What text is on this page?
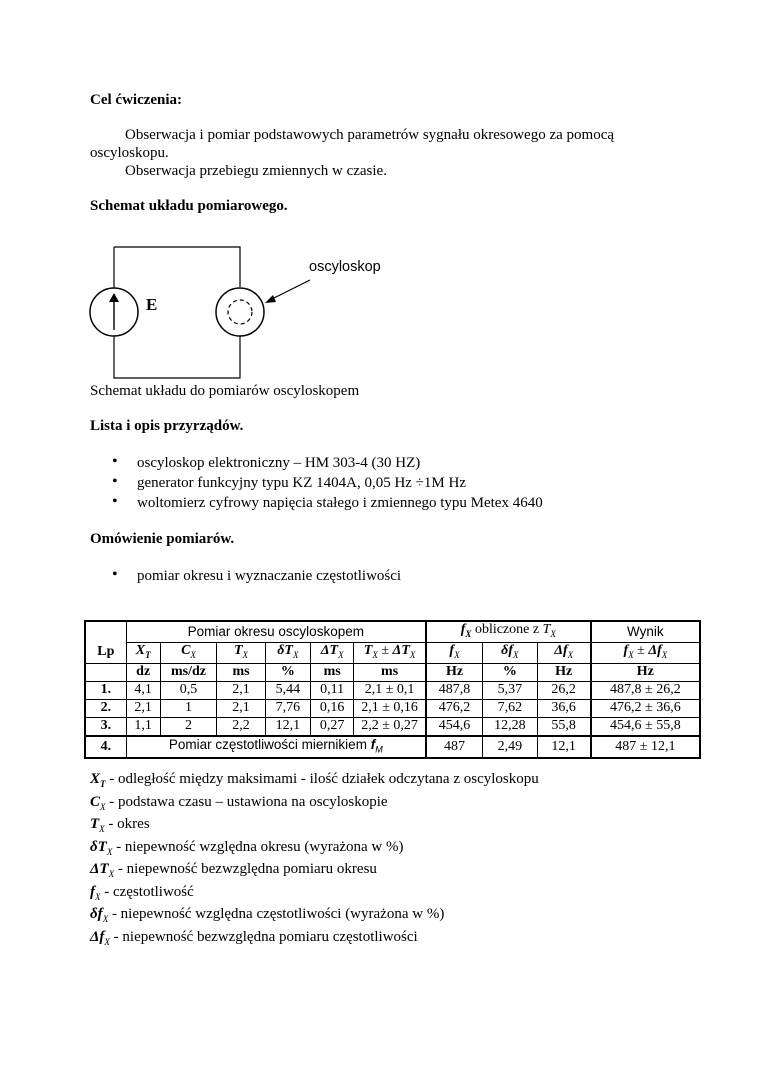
Cel ćwiczenia:
Obserwacja i pomiar podstawowych parametrów sygnału okresowego za pomocą
oscyloskopu.
Obserwacja przebiegu zmiennych w czasie.
Schemat układu pomiarowego.
E
oscyloskop
Schemat układu do pomiarów oscyloskopem
Lista i opis przyrządów.
• oscyloskop elektroniczny – HM 303-4 (30 HZ)
• generator funkcyjny typu KZ 1404A, 0,05 Hz ÷1M Hz
• woltomierz cyfrowy napięcia stałego i zmiennego typu Metex 4640
Omówienie pomiarów.
• pomiar okresu i wyznaczanie częstotliwości
	Pomiar okresu oscyloskopem						$f_X$ obliczone z $T_X$			Wynik
Lp	$X_T$	$C_X$	$T_X$	$\delta T_X$	$\Delta T_X$	$T_X \pm \Delta T_X$	$f_X$	$\delta f_X$	$\Delta f_X$	$f_X \pm \Delta f_X$
	dz	ms/dz	ms	%	ms	ms	Hz	%	Hz	Hz
1.	4,1	0,5	2,1	5,44	0,11	2,1 ± 0,1	487,8	5,37	26,2	487,8 ± 26,2
2.	2,1	1	2,1	7,76	0,16	2,1 ± 0,16	476,2	7,62	36,6	476,2 ± 36,6
3.	1,1	2	2,2	12,1	0,27	2,2 ± 0,27	454,6	12,28	55,8	454,6 ± 55,8
4.	Pomiar częstotliwości miernikiem $f_M$						487	2,49	12,1	487 ± 12,1
$X_T$ - odległość między maksimami - ilość działek odczytana z oscyloskopu
$C_X$ - podstawa czasu – ustawiona na oscyloskopie
$T_X$ - okres
$\delta T_X$ - niepewność względna okresu (wyrażona w %)
$\Delta T_X$ - niepewność bezwzględna pomiaru okresu
$f_X$ - częstotliwość
$\delta f_X$ - niepewność względna częstotliwości (wyrażona w %)
$\Delta f_X$ - niepewność bezwzględna pomiaru częstotliwości
